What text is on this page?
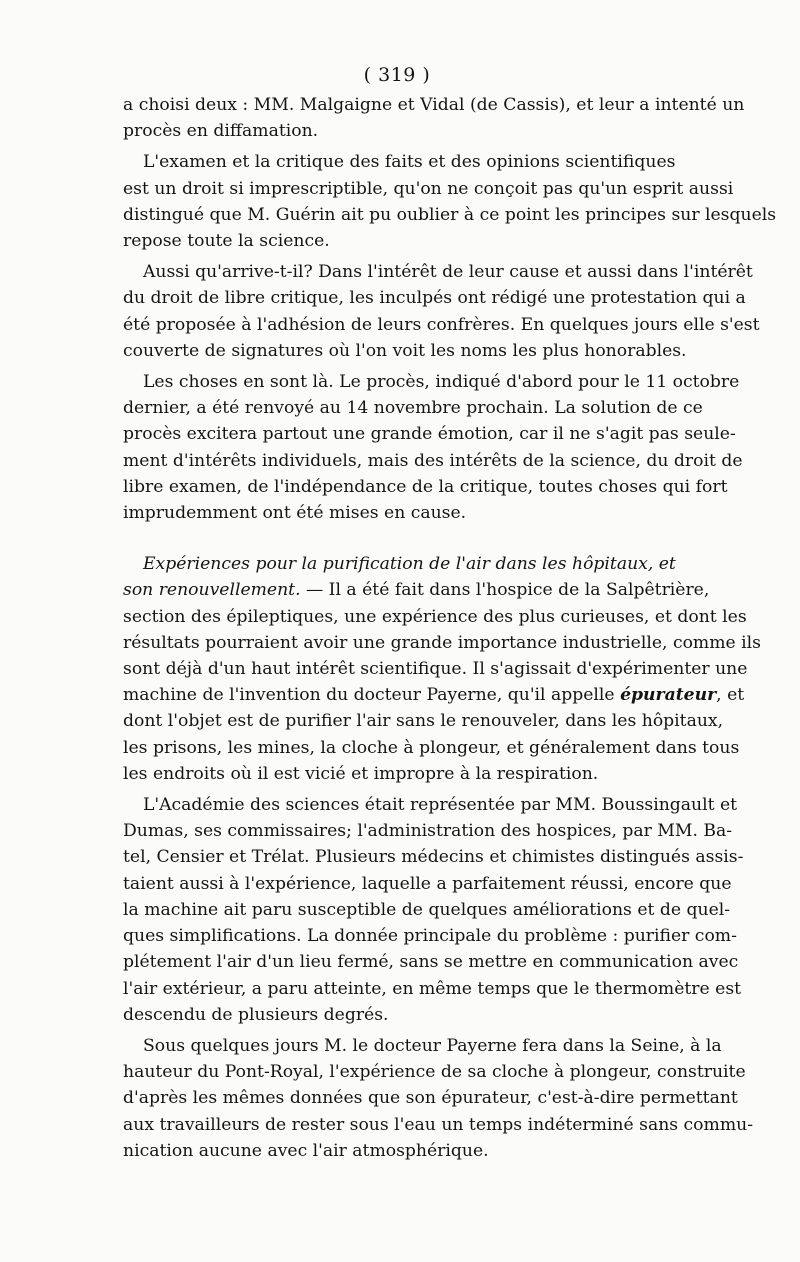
( 319 )
a choisi deux : MM. Malgaigne et Vidal (de Cassis), et leur a intenté un
procès en diffamation.
L'examen et la critique des faits et des opinions scientifiques
est un droit si imprescriptible, qu'on ne conçoit pas qu'un esprit aussi
distingué que M. Guérin ait pu oublier à ce point les principes sur lesquels
repose toute la science.
Aussi qu'arrive-t-il? Dans l'intérêt de leur cause et aussi dans l'intérêt
du droit de libre critique, les inculpés ont rédigé une protestation qui a
été proposée à l'adhésion de leurs confrères. En quelques jours elle s'est
couverte de signatures où l'on voit les noms les plus honorables.
Les choses en sont là. Le procès, indiqué d'abord pour le 11 octobre
dernier, a été renvoyé au 14 novembre prochain. La solution de ce
procès excitera partout une grande émotion, car il ne s'agit pas seule-
ment d'intérêts individuels, mais des intérêts de la science, du droit de
libre examen, de l'indépendance de la critique, toutes choses qui fort
imprudemment ont été mises en cause.
Expériences pour la purification de l'air dans les hôpitaux, et
son renouvellement. — Il a été fait dans l'hospice de la Salpêtrière,
section des épileptiques, une expérience des plus curieuses, et dont les
résultats pourraient avoir une grande importance industrielle, comme ils
sont déjà d'un haut intérêt scientifique. Il s'agissait d'expérimenter une
machine de l'invention du docteur Payerne, qu'il appelle épurateur, et
dont l'objet est de purifier l'air sans le renouveler, dans les hôpitaux,
les prisons, les mines, la cloche à plongeur, et généralement dans tous
les endroits où il est vicié et impropre à la respiration.
L'Académie des sciences était représentée par MM. Boussingault et
Dumas, ses commissaires; l'administration des hospices, par MM. Ba-
tel, Censier et Trélat. Plusieurs médecins et chimistes distingués assis-
taient aussi à l'expérience, laquelle a parfaitement réussi, encore que
la machine ait paru susceptible de quelques améliorations et de quel-
ques simplifications. La donnée principale du problème : purifier com-
plétement l'air d'un lieu fermé, sans se mettre en communication avec
l'air extérieur, a paru atteinte, en même temps que le thermomètre est
descendu de plusieurs degrés.
Sous quelques jours M. le docteur Payerne fera dans la Seine, à la
hauteur du Pont-Royal, l'expérience de sa cloche à plongeur, construite
d'après les mêmes données que son épurateur, c'est-à-dire permettant
aux travailleurs de rester sous l'eau un temps indéterminé sans commu-
nication aucune avec l'air atmosphérique.
